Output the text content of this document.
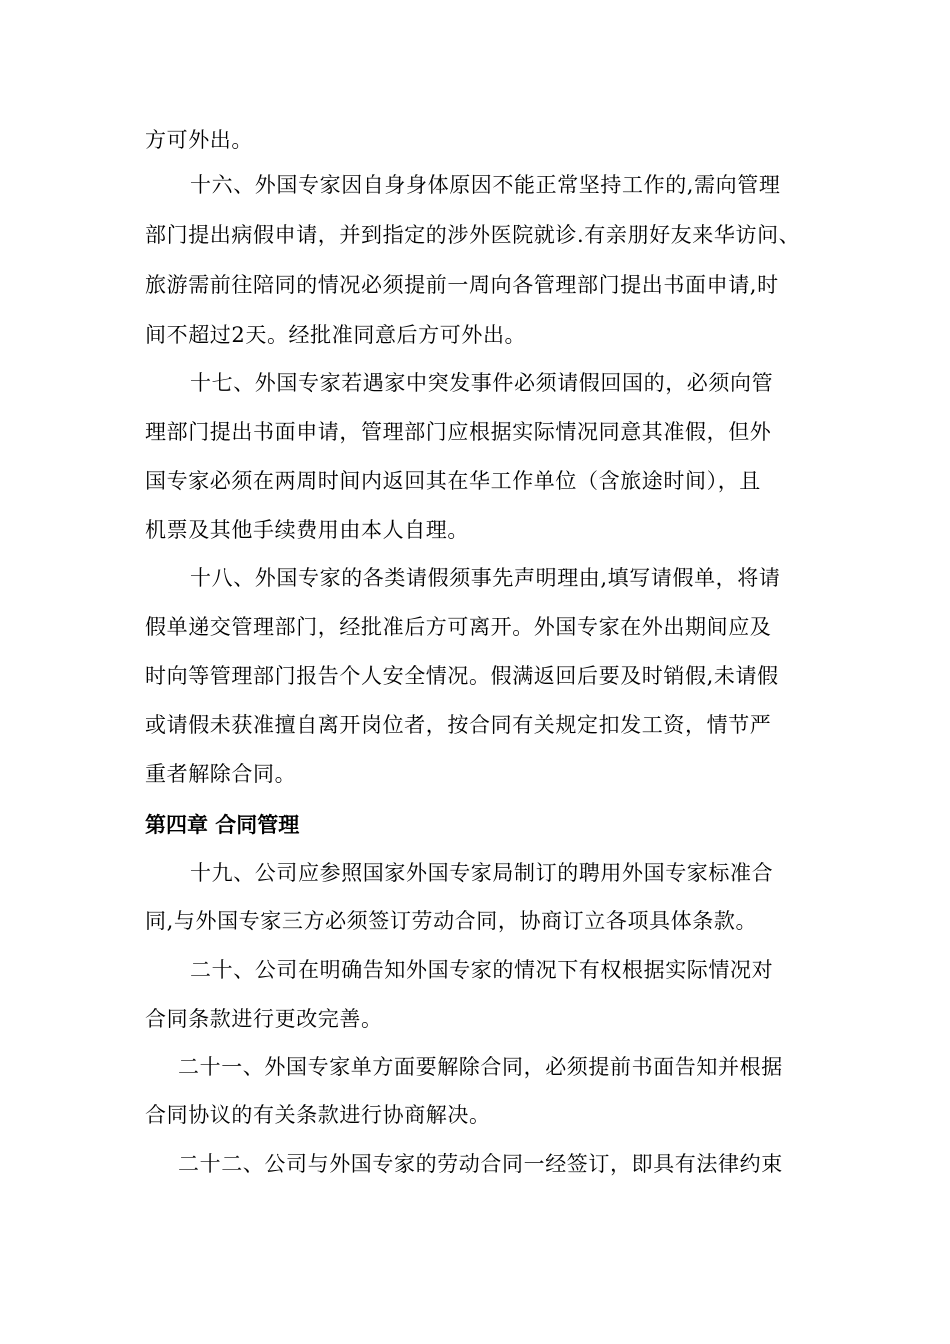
方可外出。
十六、外国专家因自身身体原因不能正常坚持工作的,需向管理
部门提出病假申请，并到指定的涉外医院就诊.有亲朋好友来华访问、
旅游需前往陪同的情况必须提前一周向各管理部门提出书面申请,时
间不超过2天。经批准同意后方可外出。
十七、外国专家若遇家中突发事件必须请假回国的，必须向管
理部门提出书面申请，管理部门应根据实际情况同意其准假，但外
国专家必须在两周时间内返回其在华工作单位（含旅途时间），且
机票及其他手续费用由本人自理。
十八、外国专家的各类请假须事先声明理由,填写请假单，将请
假单递交管理部门，经批准后方可离开。外国专家在外出期间应及
时向等管理部门报告个人安全情况。假满返回后要及时销假,未请假
或请假未获准擅自离开岗位者，按合同有关规定扣发工资，情节严
重者解除合同。
第四章 合同管理
十九、公司应参照国家外国专家局制订的聘用外国专家标准合
同,与外国专家三方必须签订劳动合同，协商订立各项具体条款。
二十、公司在明确告知外国专家的情况下有权根据实际情况对
合同条款进行更改完善。
二十一、外国专家单方面要解除合同，必须提前书面告知并根据
合同协议的有关条款进行协商解决。
二十二、公司与外国专家的劳动合同一经签订，即具有法律约束
